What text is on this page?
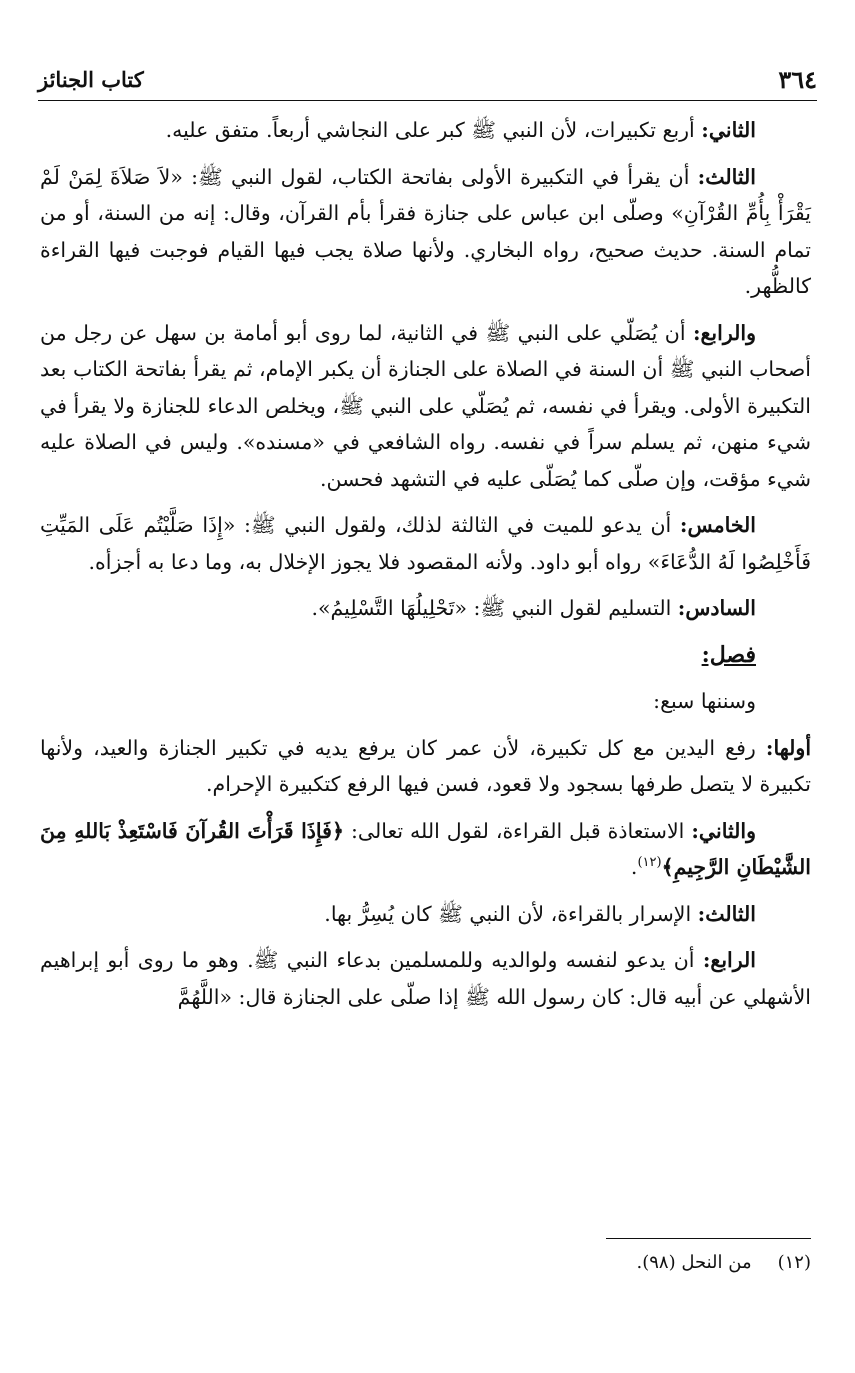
٣٦٤
كتاب الجنائز

الثاني: أربع تكبيرات، لأن النبي ﷺ كبر على النجاشي أربعاً. متفق عليه.

الثالث: أن يقرأ في التكبيرة الأولى بفاتحة الكتاب، لقول النبي ﷺ: «لاَ صَلاَةَ لِمَنْ لَمْ يَقْرَأْ بِأُمِّ القُرْآنِ» وصلّى ابن عباس على جنازة فقرأ بأم القرآن، وقال: إنه من السنة، أو من تمام السنة. حديث صحيح، رواه البخاري. ولأنها صلاة يجب فيها القيام فوجبت فيها القراءة كالظُّهر.

والرابع: أن يُصَلّي على النبي ﷺ في الثانية، لما روى أبو أمامة بن سهل عن رجل من أصحاب النبي ﷺ أن السنة في الصلاة على الجنازة أن يكبر الإمام، ثم يقرأ بفاتحة الكتاب بعد التكبيرة الأولى. ويقرأ في نفسه، ثم يُصَلّي على النبي ﷺ، ويخلص الدعاء للجنازة ولا يقرأ في شيء منهن، ثم يسلم سراً في نفسه. رواه الشافعي في «مسنده». وليس في الصلاة عليه شيء مؤقت، وإن صلّى كما يُصَلّى عليه في التشهد فحسن.

الخامس: أن يدعو للميت في الثالثة لذلك، ولقول النبي ﷺ: «إِذَا صَلَّيْتُم عَلَى المَيِّتِ فَأَخْلِصُوا لَهُ الدُّعَاءَ» رواه أبو داود. ولأنه المقصود فلا يجوز الإخلال به، وما دعا به أجزأه.

السادس: التسليم لقول النبي ﷺ: «تَحْلِيلُهَا التَّسْلِيمُ».

فصل:

وسننها سبع:

أولها: رفع اليدين مع كل تكبيرة، لأن عمر كان يرفع يديه في تكبير الجنازة والعيد، ولأنها تكبيرة لا يتصل طرفها بسجود ولا قعود، فسن فيها الرفع كتكبيرة الإحرام.

والثاني: الاستعاذة قبل القراءة، لقول الله تعالى: ﴿فَإِذَا قَرَأْتَ القُرآنَ فَاسْتَعِذْ بَاللهِ مِنَ الشَّيْطَانِ الرَّجِيمِ﴾$^{(١٢)}$.

الثالث: الإسرار بالقراءة، لأن النبي ﷺ كان يُسِرُّ بها.

الرابع: أن يدعو لنفسه ولوالديه وللمسلمين بدعاء النبي ﷺ. وهو ما روى أبو إبراهيم الأشهلي عن أبيه قال: كان رسول الله ﷺ إذا صلّى على الجنازة قال: «اللَّهُمَّ

(١٢)من النحل (٩٨).
